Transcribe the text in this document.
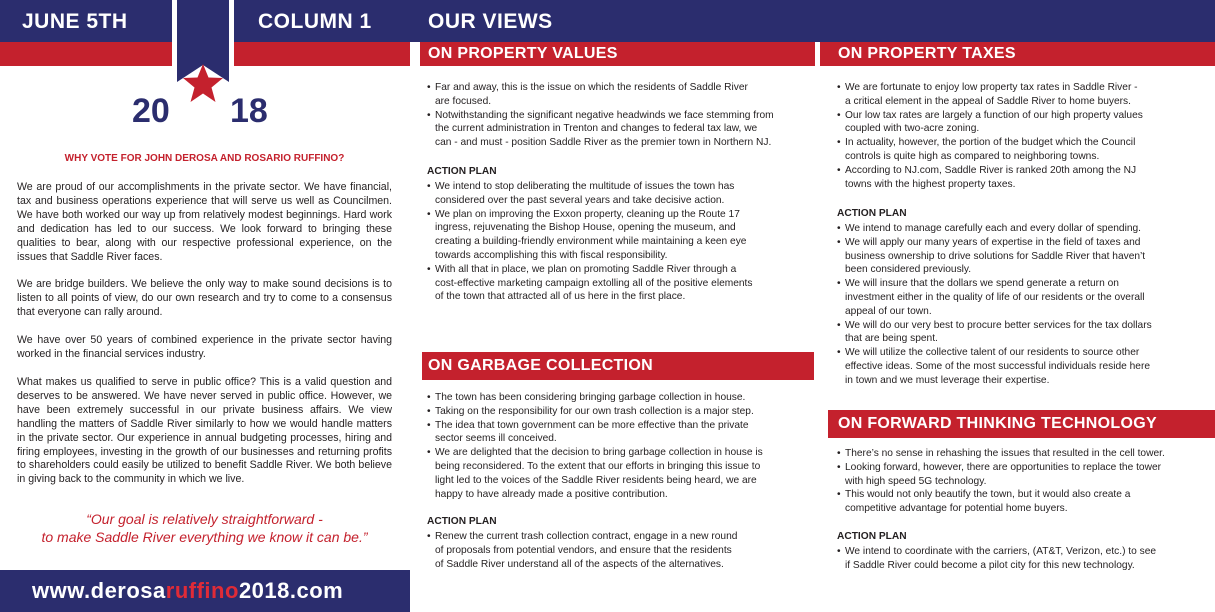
JUNE 5TH	COLUMN 1	OUR VIEWS
20 18
WHY VOTE FOR JOHN DEROSA AND ROSARIO RUFFINO?
We are proud of our accomplishments in the private sector. We have financial, tax and business operations experience that will serve us well as Councilmen. We have both worked our way up from relatively modest beginnings. Hard work and dedication has led to our success. We look forward to bringing these qualities to bear, along with our respective professional experience, on the issues that Saddle River faces.
We are bridge builders. We believe the only way to make sound decisions is to listen to all points of view, do our own research and try to come to a consensus that everyone can rally around.
We have over 50 years of combined experience in the private sector having worked in the financial services industry.
What makes us qualified to serve in public office? This is a valid question and deserves to be answered. We have never served in public office. However, we have been extremely successful in our private business affairs. We view handling the matters of Saddle River similarly to how we would handle matters in the private sector. Our experience in annual budgeting processes, hiring and firing employees, investing in the growth of our businesses and returning profits to shareholders could easily be utilized to benefit Saddle River. We both believe in giving back to the community in which we live.
“Our goal is relatively straightforward -
to make Saddle River everything we know it can be.”
www.derosaruffino2018.com
ON PROPERTY VALUES
• Far and away, this is the issue on which the residents of Saddle River
are focused.
• Notwithstanding the significant negative headwinds we face stemming from
the current administration in Trenton and changes to federal tax law, we
can - and must - position Saddle River as the premier town in Northern NJ.
ACTION PLAN
• We intend to stop deliberating the multitude of issues the town has
considered over the past several years and take decisive action.
• We plan on improving the Exxon property, cleaning up the Route 17
ingress, rejuvenating the Bishop House, opening the museum, and
creating a building-friendly environment while maintaining a keen eye
towards accomplishing this with fiscal responsibility.
• With all that in place, we plan on promoting Saddle River through a
cost-effective marketing campaign extolling all of the positive elements
of the town that attracted all of us here in the first place.
ON GARBAGE COLLECTION
• The town has been considering bringing garbage collection in house.
• Taking on the responsibility for our own trash collection is a major step.
• The idea that town government can be more effective than the private
sector seems ill conceived.
• We are delighted that the decision to bring garbage collection in house is
being reconsidered. To the extent that our efforts in bringing this issue to
light led to the voices of the Saddle River residents being heard, we are
happy to have already made a positive contribution.
ACTION PLAN
• Renew the current trash collection contract, engage in a new round
of proposals from potential vendors, and ensure that the residents
of Saddle River understand all of the aspects of the alternatives.
ON PROPERTY TAXES
• We are fortunate to enjoy low property tax rates in Saddle River -
a critical element in the appeal of Saddle River to home buyers.
• Our low tax rates are largely a function of our high property values
coupled with two-acre zoning.
• In actuality, however, the portion of the budget which the Council
controls is quite high as compared to neighboring towns.
• According to NJ.com, Saddle River is ranked 20th among the NJ
towns with the highest property taxes.
ACTION PLAN
• We intend to manage carefully each and every dollar of spending.
• We will apply our many years of expertise in the field of taxes and
business ownership to drive solutions for Saddle River that haven’t
been considered previously.
• We will insure that the dollars we spend generate a return on
investment either in the quality of life of our residents or the overall
appeal of our town.
• We will do our very best to procure better services for the tax dollars
that are being spent.
• We will utilize the collective talent of our residents to source other
effective ideas. Some of the most successful individuals reside here
in town and we must leverage their expertise.
ON FORWARD THINKING TECHNOLOGY
• There’s no sense in rehashing the issues that resulted in the cell tower.
• Looking forward, however, there are opportunities to replace the tower
with high speed 5G technology.
• This would not only beautify the town, but it would also create a
competitive advantage for potential home buyers.
ACTION PLAN
• We intend to coordinate with the carriers, (AT&T, Verizon, etc.) to see
if Saddle River could become a pilot city for this new technology.
